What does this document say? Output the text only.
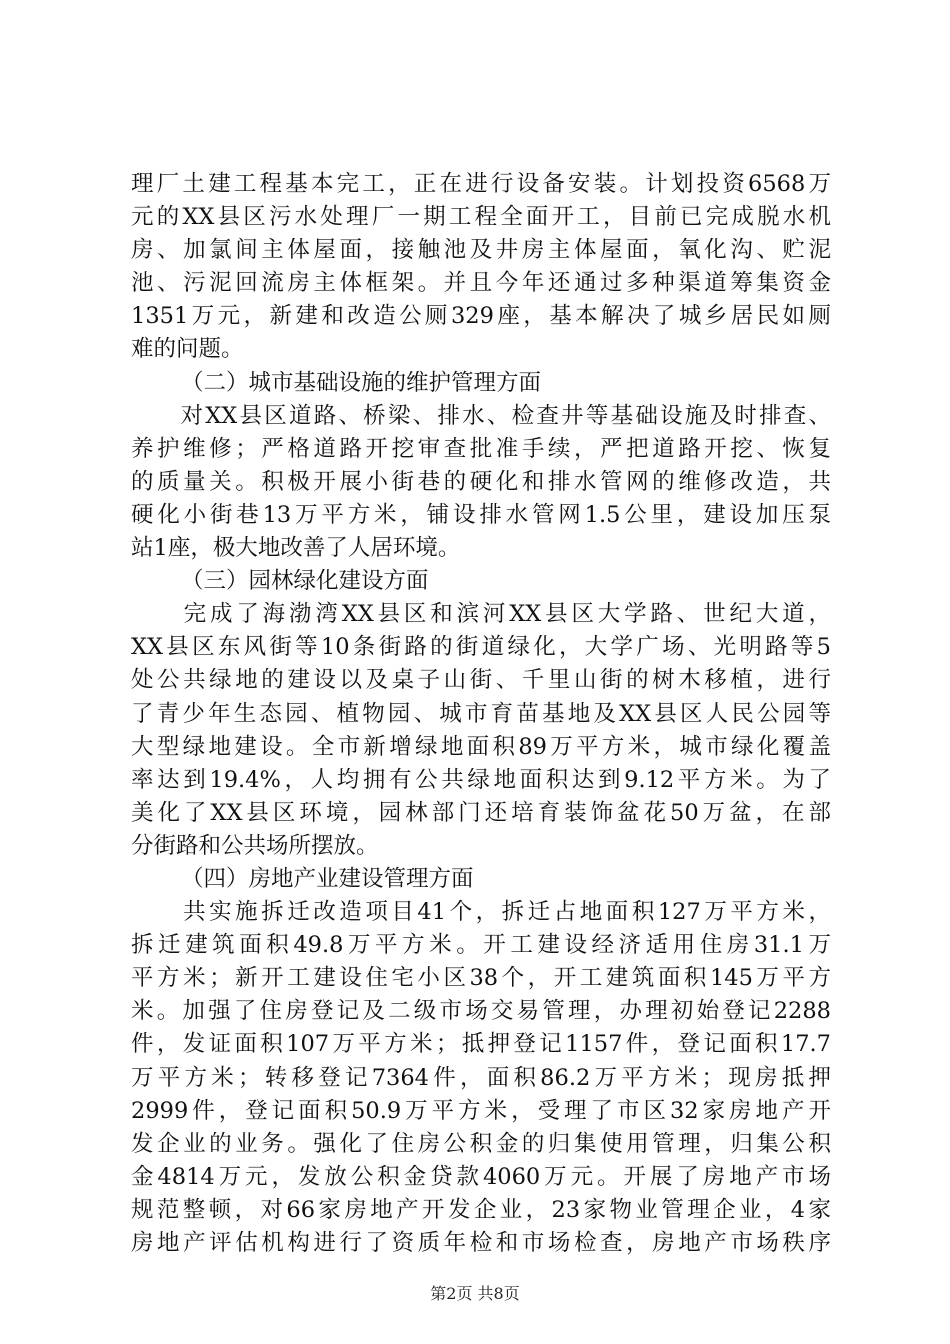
理厂土建工程基本完工，正在进行设备安装。计划投资6568万
元的XX县区污水处理厂一期工程全面开工，目前已完成脱水机
房、加氯间主体屋面，接触池及井房主体屋面，氧化沟、贮泥
池、污泥回流房主体框架。并且今年还通过多种渠道筹集资金
1351万元，新建和改造公厕329座，基本解决了城乡居民如厕
难的问题。
（二）城市基础设施的维护管理方面
　　对XX县区道路、桥梁、排水、检查井等基础设施及时排查、
养护维修；严格道路开挖审查批准手续，严把道路开挖、恢复
的质量关。积极开展小街巷的硬化和排水管网的维修改造，共
硬化小街巷13万平方米，铺设排水管网1.5公里，建设加压泵
站1座，极大地改善了人居环境。
（三）园林绿化建设方面
　　完成了海渤湾XX县区和滨河XX县区大学路、世纪大道，
XX县区东风街等10条街路的街道绿化，大学广场、光明路等5
处公共绿地的建设以及桌子山街、千里山街的树木移植，进行
了青少年生态园、植物园、城市育苗基地及XX县区人民公园等
大型绿地建设。全市新增绿地面积89万平方米，城市绿化覆盖
率达到19.4%，人均拥有公共绿地面积达到9.12平方米。为了
美化了XX县区环境，园林部门还培育装饰盆花50万盆，在部
分街路和公共场所摆放。
（四）房地产业建设管理方面
　　共实施拆迁改造项目41个，拆迁占地面积127万平方米，
拆迁建筑面积49.8万平方米。开工建设经济适用住房31.1万
平方米；新开工建设住宅小区38个，开工建筑面积145万平方
米。加强了住房登记及二级市场交易管理，办理初始登记2288
件，发证面积107万平方米；抵押登记1157件，登记面积17.7
万平方米；转移登记7364件，面积86.2万平方米；现房抵押
2999件，登记面积50.9万平方米，受理了市区32家房地产开
发企业的业务。强化了住房公积金的归集使用管理，归集公积
金4814万元，发放公积金贷款4060万元。开展了房地产市场
规范整顿，对66家房地产开发企业，23家物业管理企业，4家
房地产评估机构进行了资质年检和市场检查，房地产市场秩序
第2页 共8页
